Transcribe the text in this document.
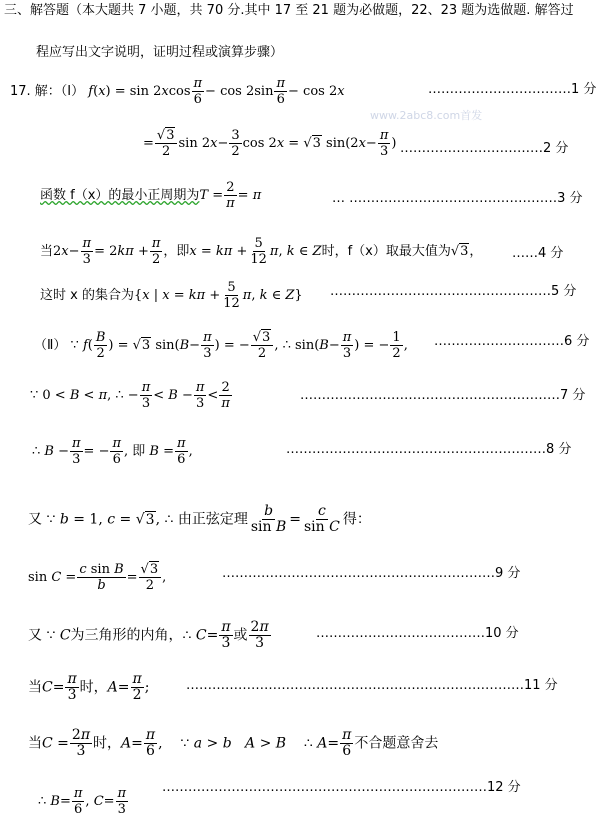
三、解答题（本大题共 7 小题，共 70 分.其中 17 至 21 题为必做题，22、23 题为选做题. 解答过
程应写出文字说明，证明过程或演算步骤）
17. 解：（Ⅰ） $f(x) = \sin 2xcos \frac{\pi}{6} - \cos 2\sin \frac{\pi}{6} - \cos 2x$
www.2abc8.com首发
……………………………1 分
= $\frac{√3}{2}$ $\sin 2x- \frac{3}{2}$ cos 2x = √3 $\sin(2x- \frac{\pi}{3}$ ) ……………………………2 分
函数 f（x）的最小正周期为$T = \frac{2}{\pi} = \pi$	… …………………………………………3 分
当$2x- \frac{\pi}{3} = 2k\pi + \frac{\pi}{2}$ ，即$x = k\pi + \frac{5}{12} \pi$, k ∈ Z时，f（x）取最大值为√3， ……4 分
这时 x 的集合为{x | $x = k\pi + \frac{5}{12} \pi$, k ∈ Z} ……………………………………………5 分
（Ⅱ） ∵ $f( \frac{B}{2}$ ) = √3 $\sin(B- \frac{\pi}{3}$ ) = − $\frac{√3}{2}$ , ∴ $\sin(B- \frac{\pi}{3}$ ) = − $\frac{1}{2}$ , …………………………6 分
∵ 0 < B < π, ∴ − $\frac{\pi}{3} < B - \frac{\pi}{3} < \frac{2}{\pi}$	……………………………………………………7 分
∴ $B - \frac{\pi}{3}$ = − $\frac{\pi}{6}$ , 即 $B = \frac{\pi}{6}$ ,	……………………………………………………8 分
又 ∵ b = 1, c = √3, ∴ 由正弦定理 $\frac{b}{\text{sin B}} = \frac{c}{\text{sin C}}$ 得：
$\sin C = \frac{\text{c sin B}}{b} = \frac{√3}{2}$ ,	………………………………………………………9 分
又 ∵ C为三角形的内角，∴ $C= \frac{\pi}{3}$ 或 $\frac{2\pi}{3}$	…………………………………10 分
当$C= \frac{\pi}{3}$ 时，$A= \frac{\pi}{2}$ ;	……………………………………………………………………11 分
当$C = \frac{2\pi}{3}$ 时，$A= \frac{\pi}{6}$ ,    ∵ a > b A > B    ∴ $A= \frac{\pi}{6}$ 不合题意舍去
∴ $B= \frac{\pi}{6}$ , $C= \frac{\pi}{3}$	…………………………………………………………………12 分
